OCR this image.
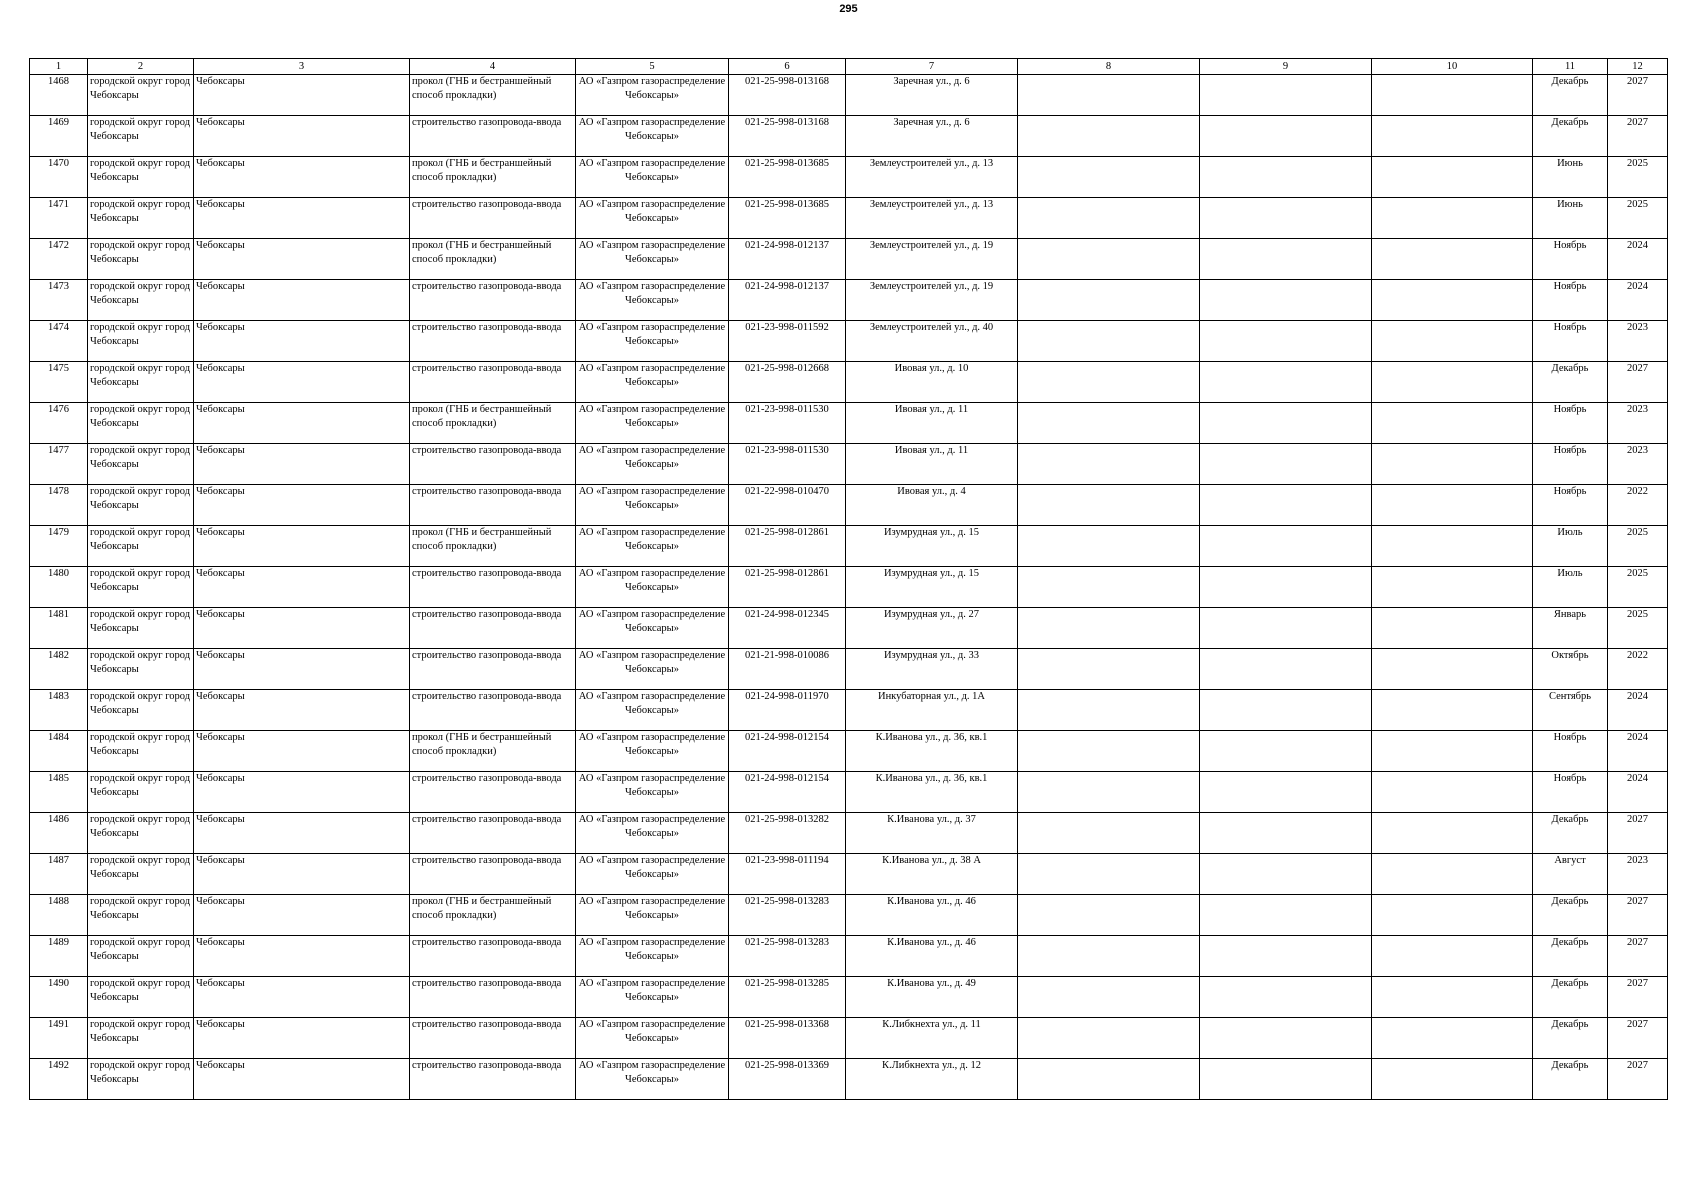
295
1	2	3	4	5	6	7	8	9	10	11	12
1468	городской округ город Чебоксары	Чебоксары	прокол (ГНБ и бестраншейный способ прокладки)	АО «Газпром газораспределение Чебоксары»	021-25-998-013168	Заречная ул., д. 6				Декабрь	2027
1469	городской округ город Чебоксары	Чебоксары	строительство газопровода-ввода	АО «Газпром газораспределение Чебоксары»	021-25-998-013168	Заречная ул., д. 6				Декабрь	2027
1470	городской округ город Чебоксары	Чебоксары	прокол (ГНБ и бестраншейный способ прокладки)	АО «Газпром газораспределение Чебоксары»	021-25-998-013685	Землеустроителей ул., д. 13				Июнь	2025
1471	городской округ город Чебоксары	Чебоксары	строительство газопровода-ввода	АО «Газпром газораспределение Чебоксары»	021-25-998-013685	Землеустроителей ул., д. 13				Июнь	2025
1472	городской округ город Чебоксары	Чебоксары	прокол (ГНБ и бестраншейный способ прокладки)	АО «Газпром газораспределение Чебоксары»	021-24-998-012137	Землеустроителей ул., д. 19				Ноябрь	2024
1473	городской округ город Чебоксары	Чебоксары	строительство газопровода-ввода	АО «Газпром газораспределение Чебоксары»	021-24-998-012137	Землеустроителей ул., д. 19				Ноябрь	2024
1474	городской округ город Чебоксары	Чебоксары	строительство газопровода-ввода	АО «Газпром газораспределение Чебоксары»	021-23-998-011592	Землеустроителей ул., д. 40				Ноябрь	2023
1475	городской округ город Чебоксары	Чебоксары	строительство газопровода-ввода	АО «Газпром газораспределение Чебоксары»	021-25-998-012668	Ивовая ул., д. 10				Декабрь	2027
1476	городской округ город Чебоксары	Чебоксары	прокол (ГНБ и бестраншейный способ прокладки)	АО «Газпром газораспределение Чебоксары»	021-23-998-011530	Ивовая ул., д. 11				Ноябрь	2023
1477	городской округ город Чебоксары	Чебоксары	строительство газопровода-ввода	АО «Газпром газораспределение Чебоксары»	021-23-998-011530	Ивовая ул., д. 11				Ноябрь	2023
1478	городской округ город Чебоксары	Чебоксары	строительство газопровода-ввода	АО «Газпром газораспределение Чебоксары»	021-22-998-010470	Ивовая ул., д. 4				Ноябрь	2022
1479	городской округ город Чебоксары	Чебоксары	прокол (ГНБ и бестраншейный способ прокладки)	АО «Газпром газораспределение Чебоксары»	021-25-998-012861	Изумрудная ул., д. 15				Июль	2025
1480	городской округ город Чебоксары	Чебоксары	строительство газопровода-ввода	АО «Газпром газораспределение Чебоксары»	021-25-998-012861	Изумрудная ул., д. 15				Июль	2025
1481	городской округ город Чебоксары	Чебоксары	строительство газопровода-ввода	АО «Газпром газораспределение Чебоксары»	021-24-998-012345	Изумрудная ул., д. 27				Январь	2025
1482	городской округ город Чебоксары	Чебоксары	строительство газопровода-ввода	АО «Газпром газораспределение Чебоксары»	021-21-998-010086	Изумрудная ул., д. 33				Октябрь	2022
1483	городской округ город Чебоксары	Чебоксары	строительство газопровода-ввода	АО «Газпром газораспределение Чебоксары»	021-24-998-011970	Инкубаторная ул., д. 1А				Сентябрь	2024
1484	городской округ город Чебоксары	Чебоксары	прокол (ГНБ и бестраншейный способ прокладки)	АО «Газпром газораспределение Чебоксары»	021-24-998-012154	К.Иванова ул., д. 36, кв.1				Ноябрь	2024
1485	городской округ город Чебоксары	Чебоксары	строительство газопровода-ввода	АО «Газпром газораспределение Чебоксары»	021-24-998-012154	К.Иванова ул., д. 36, кв.1				Ноябрь	2024
1486	городской округ город Чебоксары	Чебоксары	строительство газопровода-ввода	АО «Газпром газораспределение Чебоксары»	021-25-998-013282	К.Иванова ул., д. 37				Декабрь	2027
1487	городской округ город Чебоксары	Чебоксары	строительство газопровода-ввода	АО «Газпром газораспределение Чебоксары»	021-23-998-011194	К.Иванова ул., д. 38 А				Август	2023
1488	городской округ город Чебоксары	Чебоксары	прокол (ГНБ и бестраншейный способ прокладки)	АО «Газпром газораспределение Чебоксары»	021-25-998-013283	К.Иванова ул., д. 46				Декабрь	2027
1489	городской округ город Чебоксары	Чебоксары	строительство газопровода-ввода	АО «Газпром газораспределение Чебоксары»	021-25-998-013283	К.Иванова ул., д. 46				Декабрь	2027
1490	городской округ город Чебоксары	Чебоксары	строительство газопровода-ввода	АО «Газпром газораспределение Чебоксары»	021-25-998-013285	К.Иванова ул., д. 49				Декабрь	2027
1491	городской округ город Чебоксары	Чебоксары	строительство газопровода-ввода	АО «Газпром газораспределение Чебоксары»	021-25-998-013368	К.Либкнехта ул., д. 11				Декабрь	2027
1492	городской округ город Чебоксары	Чебоксары	строительство газопровода-ввода	АО «Газпром газораспределение Чебоксары»	021-25-998-013369	К.Либкнехта ул., д. 12				Декабрь	2027
